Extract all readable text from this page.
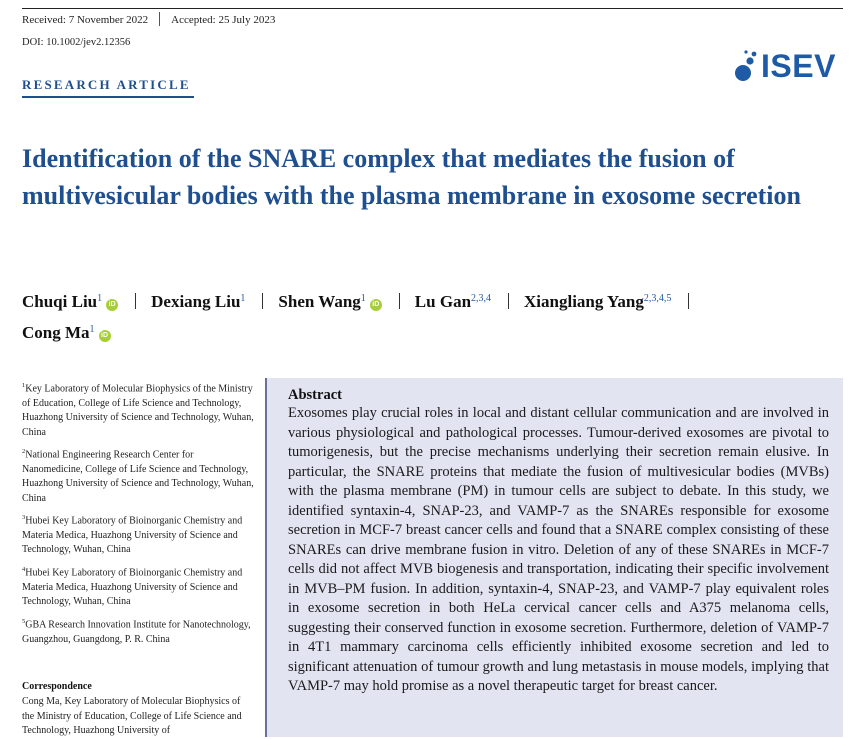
Received: 7 November 2022 Accepted: 25 July 2023
DOI: 10.1002/jev2.12356
ISEV
RESEARCH ARTICLE
Identification of the SNARE complex that mediates the fusion of multivesicular bodies with the plasma membrane in exosome secretion
Chuqi Liu$^1$iD Dexiang Liu$^1$ Shen Wang$^1$iD Lu Gan$^{2,3,4}$ Xiangliang Yang$^{2,3,4,5}$
Cong Ma$^1$iD
$^1$Key Laboratory of Molecular Biophysics of the Ministry of Education, College of Life Science and Technology, Huazhong University of Science and Technology, Wuhan, China
$^2$National Engineering Research Center for Nanomedicine, College of Life Science and Technology, Huazhong University of Science and Technology, Wuhan, China
$^3$Hubei Key Laboratory of Bioinorganic Chemistry and Materia Medica, Huazhong University of Science and Technology, Wuhan, China
$^4$Hubei Key Laboratory of Bioinorganic Chemistry and Materia Medica, Huazhong University of Science and Technology, Wuhan, China
$^5$GBA Research Innovation Institute for Nanotechnology, Guangzhou, Guangdong, P. R. China
Correspondence
Cong Ma, Key Laboratory of Molecular Biophysics of the Ministry of Education, College of Life Science and Technology, Huazhong University of
Abstract
Exosomes play crucial roles in local and distant cellular communication and are involved in various physiological and pathological processes. Tumour-derived exosomes are pivotal to tumorigenesis, but the precise mechanisms underlying their secretion remain elusive. In particular, the SNARE proteins that mediate the fusion of multivesicular bodies (MVBs) with the plasma membrane (PM) in tumour cells are subject to debate. In this study, we identified syntaxin-4, SNAP-23, and VAMP-7 as the SNAREs responsible for exosome secretion in MCF-7 breast cancer cells and found that a SNARE complex consisting of these SNAREs can drive membrane fusion in vitro. Deletion of any of these SNAREs in MCF-7 cells did not affect MVB biogenesis and transportation, indicating their specific involvement in MVB–PM fusion. In addition, syntaxin-4, SNAP-23, and VAMP-7 play equivalent roles in exosome secretion in both HeLa cervical cancer cells and A375 melanoma cells, suggesting their conserved function in exosome secretion. Furthermore, deletion of VAMP-7 in 4T1 mammary carcinoma cells efficiently inhibited exosome secretion and led to significant attenuation of tumour growth and lung metastasis in mouse models, implying that VAMP-7 may hold promise as a novel therapeutic target for breast cancer.
